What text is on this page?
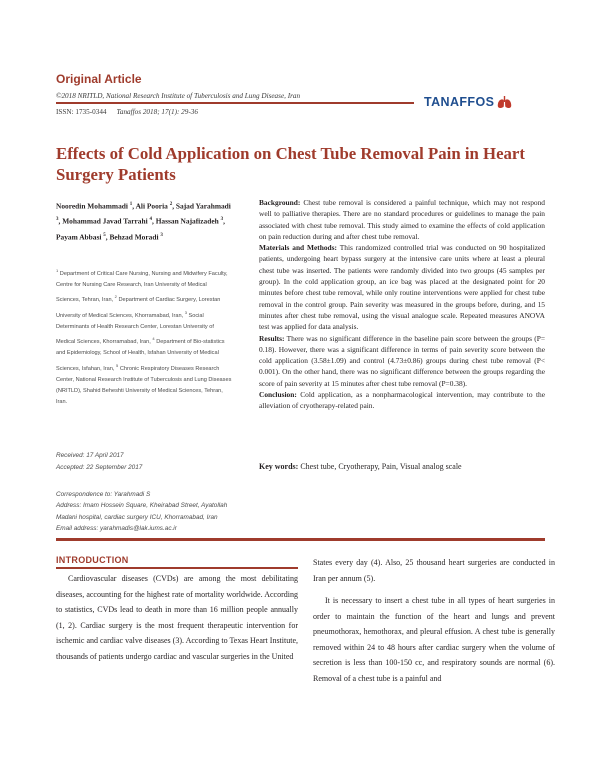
Original Article
©2018 NRITLD, National Research Institute of Tuberculosis and Lung Disease, Iran
ISSN: 1735-0344 Tanaffos 2018; 17(1): 29-36
TANAFFOS
Effects of Cold Application on Chest Tube Removal Pain in Heart Surgery Patients
Nooredin Mohammadi $^1$, Ali Pooria $^2$, Sajad Yarahmadi $^3$, Mohammad Javad Tarrahi $^4$, Hassan Najafizadeh $^3$, Payam Abbasi $^5$, Behzad Moradi $^3$
$^1$ Department of Critical Care Nursing, Nursing and Midwifery Faculty, Centre for Nursing Care Research, Iran University of Medical Sciences, Tehran, Iran, $^2$ Department of Cardiac Surgery, Lorestan University of Medical Sciences, Khorramabad, Iran, $^3$ Social Determinants of Health Research Center, Lorestan University of Medical Sciences, Khorramabad, Iran, $^4$ Department of Bio-statistics and Epidemiology, School of Health, Isfahan University of Medical Sciences, Isfahan, Iran, $^5$ Chronic Respiratory Diseases Research Center, National Research Institute of Tuberculosis and Lung Diseases (NRITLD), Shahid Beheshti University of Medical Sciences, Tehran, Iran.
Received: 17 April 2017
Accepted: 22 September 2017

Correspondence to: Yarahmadi S

Address: Imam Hossein Square, Kheirabad Street, Ayatollah Madani hospital, cardiac surgery ICU, Khorramabad, Iran

Email address: yarahmadis@lak.iums.ac.ir

Background: Chest tube removal is considered a painful technique, which may not respond well to palliative therapies. There are no standard procedures or guidelines to manage the pain associated with chest tube removal. This study aimed to examine the effects of cold application on pain reduction during and after chest tube removal.

Materials and Methods: This randomized controlled trial was conducted on 90 hospitalized patients, undergoing heart bypass surgery at the intensive care units where at least a pleural chest tube was inserted. The patients were randomly divided into two groups (45 samples per group). In the cold application group, an ice bag was placed at the designated point for 20 minutes before chest tube removal, while only routine interventions were applied for chest tube removal in the control group. Pain severity was measured in the groups before, during, and 15 minutes after chest tube removal, using the visual analogue scale. Repeated measures ANOVA test was applied for data analysis.

Results: There was no significant difference in the baseline pain score between the groups (P= 0.18). However, there was a significant difference in terms of pain severity score between the cold application (3.58±1.09) and control (4.73±0.86) groups during chest tube removal (P< 0.001). On the other hand, there was no significant difference between the groups regarding the score of pain severity at 15 minutes after chest tube removal (P=0.38).

Conclusion: Cold application, as a nonpharmacological intervention, may contribute to the alleviation of cryotherapy-related pain.

Key words: Chest tube, Cryotherapy, Pain, Visual analog scale
INTRODUCTION

Cardiovascular diseases (CVDs) are among the most debilitating diseases, accounting for the highest rate of mortality worldwide. According to statistics, CVDs lead to death in more than 16 million people annually (1, 2). Cardiac surgery is the most frequent therapeutic intervention for ischemic and cardiac valve diseases (3). According to Texas Heart Institute, thousands of patients undergo cardiac and vascular surgeries in the United

States every day (4). Also, 25 thousand heart surgeries are conducted in Iran per annum (5).

It is necessary to insert a chest tube in all types of heart surgeries in order to maintain the function of the heart and lungs and prevent pneumothorax, hemothorax, and pleural effusion. A chest tube is generally removed within 24 to 48 hours after cardiac surgery when the volume of secretion is less than 100-150 cc, and respiratory sounds are normal (6). Removal of a chest tube is a painful and
